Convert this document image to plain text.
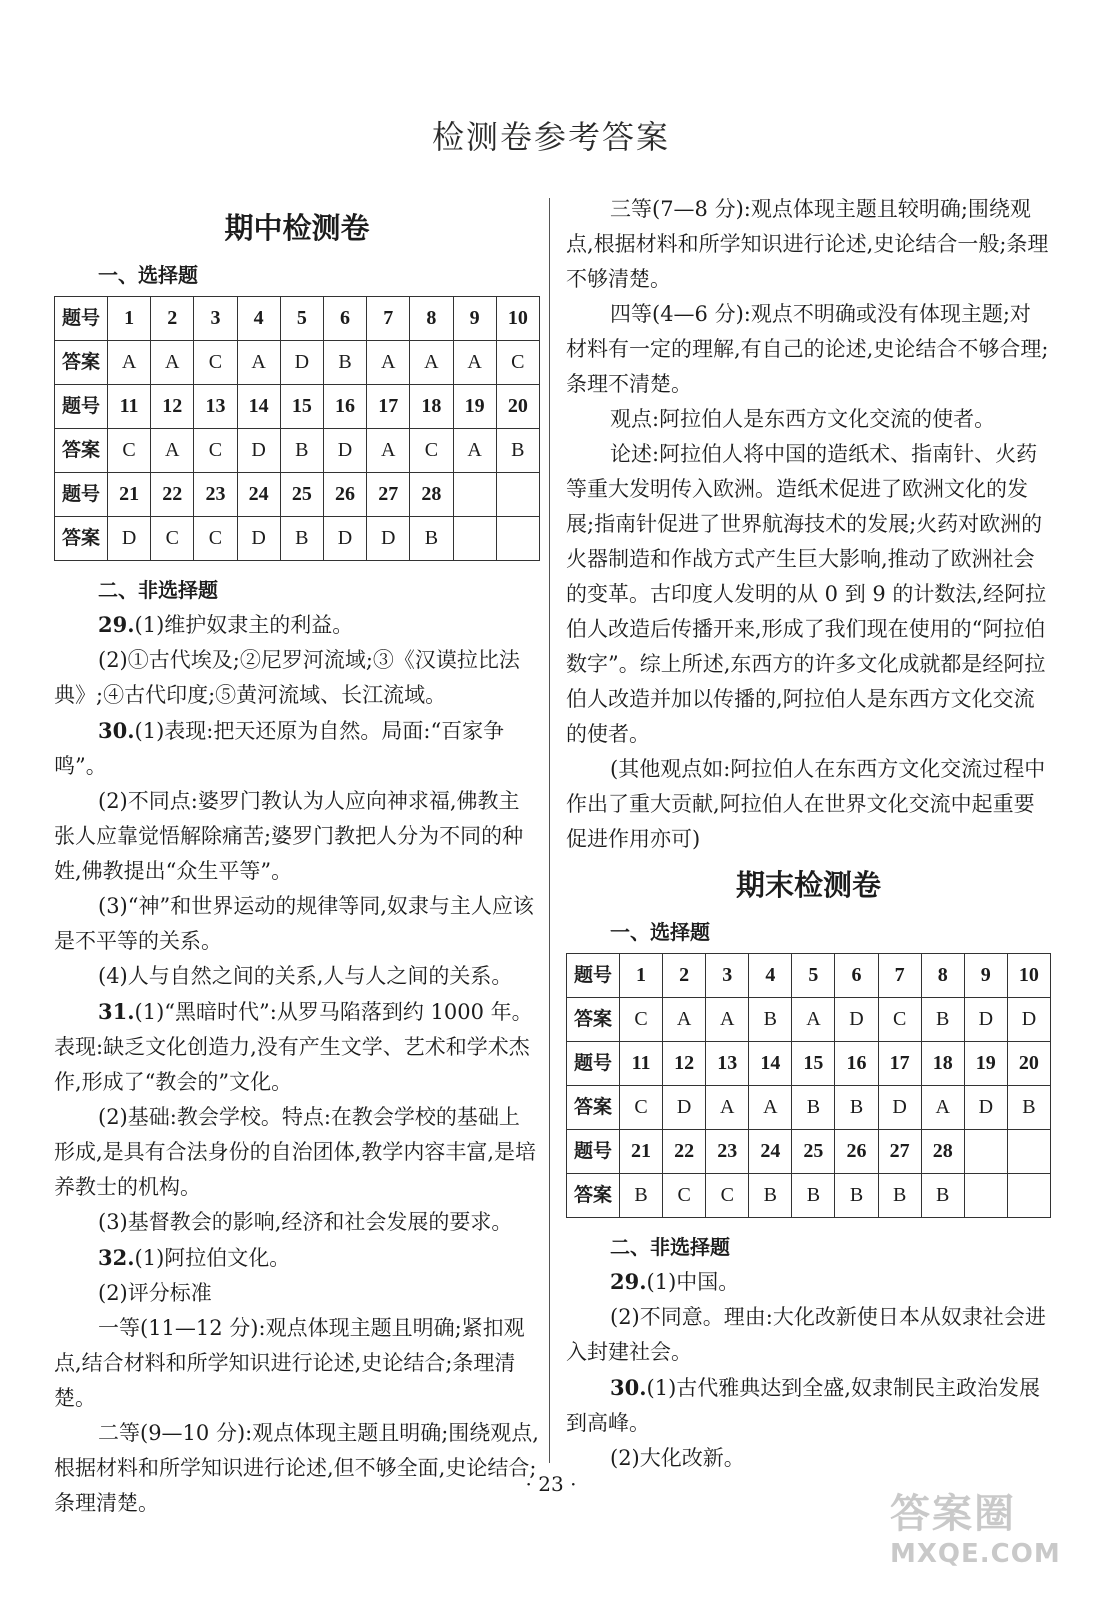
检测卷参考答案
期中检测卷
一、选择题
题号	1	2	3	4	5	6	7	8	9	10
答案	A	A	C	A	D	B	A	A	A	C
题号	11	12	13	14	15	16	17	18	19	20
答案	C	A	C	D	B	D	A	C	A	B
题号	21	22	23	24	25	26	27	28		
答案	D	C	C	D	B	D	D	B		
二、非选择题

29.(1)维护奴隶主的利益。

(2)①古代埃及;②尼罗河流域;③《汉谟拉比法典》;④古代印度;⑤黄河流域、长江流域。

30.(1)表现:把天还原为自然。局面:“百家争鸣”。

(2)不同点:婆罗门教认为人应向神求福,佛教主张人应靠觉悟解除痛苦;婆罗门教把人分为不同的种姓,佛教提出“众生平等”。

(3)“神”和世界运动的规律等同,奴隶与主人应该是不平等的关系。

(4)人与自然之间的关系,人与人之间的关系。

31.(1)“黑暗时代”:从罗马陷落到约 1000 年。表现:缺乏文化创造力,没有产生文学、艺术和学术杰作,形成了“教会的”文化。

(2)基础:教会学校。特点:在教会学校的基础上形成,是具有合法身份的自治团体,教学内容丰富,是培养教士的机构。

(3)基督教会的影响,经济和社会发展的要求。

32.(1)阿拉伯文化。

(2)评分标准

一等(11—12 分):观点体现主题且明确;紧扣观点,结合材料和所学知识进行论述,史论结合;条理清楚。

二等(9—10 分):观点体现主题且明确;围绕观点,根据材料和所学知识进行论述,但不够全面,史论结合;条理清楚。

三等(7—8 分):观点体现主题且较明确;围绕观点,根据材料和所学知识进行论述,史论结合一般;条理不够清楚。

四等(4—6 分):观点不明确或没有体现主题;对材料有一定的理解,有自己的论述,史论结合不够合理;条理不清楚。

观点:阿拉伯人是东西方文化交流的使者。

论述:阿拉伯人将中国的造纸术、指南针、火药等重大发明传入欧洲。造纸术促进了欧洲文化的发展;指南针促进了世界航海技术的发展;火药对欧洲的火器制造和作战方式产生巨大影响,推动了欧洲社会的变革。古印度人发明的从 0 到 9 的计数法,经阿拉伯人改造后传播开来,形成了我们现在使用的“阿拉伯数字”。综上所述,东西方的许多文化成就都是经阿拉伯人改造并加以传播的,阿拉伯人是东西方文化交流的使者。

(其他观点如:阿拉伯人在东西方文化交流过程中作出了重大贡献,阿拉伯人在世界文化交流中起重要促进作用亦可)

期末检测卷
一、选择题
题号	1	2	3	4	5	6	7	8	9	10
答案	C	A	A	B	A	D	C	B	D	D
题号	11	12	13	14	15	16	17	18	19	20
答案	C	D	A	A	B	B	D	A	D	B
题号	21	22	23	24	25	26	27	28		
答案	B	C	C	B	B	B	B	B		
二、非选择题

29.(1)中国。

(2)不同意。理由:大化改新使日本从奴隶社会进入封建社会。

30.(1)古代雅典达到全盛,奴隶制民主政治发展到高峰。

(2)大化改新。

· 23 ·
答案圈
MXQE.COM
